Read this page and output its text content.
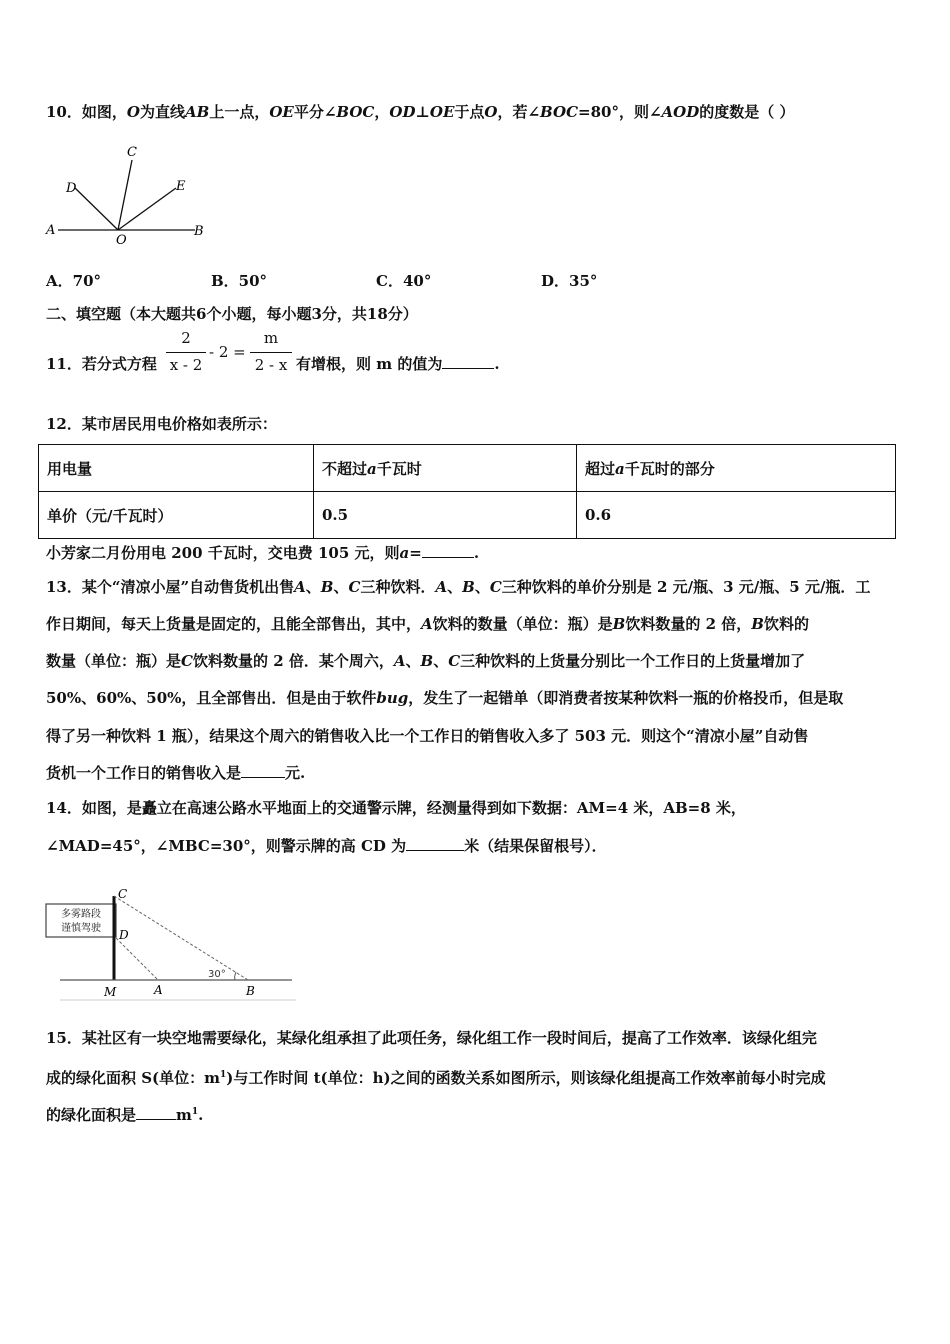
10．如图，O为直线AB上一点，OE平分∠BOC，OD⊥OE于点O，若∠BOC=80°，则∠AOD的度数是（ ）
A	B
C
D	E
O
A．70°	B．50°	C．40°	D．35°
二、填空题（本大题共6个小题，每小题3分，共18分）
11．若分式方程
2
x - 2
- 2 =
m
2 - x 有增根，则 m 的值为	.
12．某市居民用电价格如表所示：
用电量	不超过a千瓦时	超过a千瓦时的部分
单价（元/千瓦时）	0.5	0.6
小芳家二月份用电 200 千瓦时，交电费 105 元，则a=	.
13．某个“清凉小屋”自动售货机出售A、B、C三种饮料．A、B、C三种饮料的单价分别是 2 元/瓶、3 元/瓶、5 元/瓶．工
作日期间，每天上货量是固定的，且能全部售出，其中，A饮料的数量（单位：瓶）是B饮料数量的 2 倍，B饮料的
数量（单位：瓶）是C饮料数量的 2 倍．某个周六，A、B、C三种饮料的上货量分别比一个工作日的上货量增加了
50%、60%、50%，且全部售出．但是由于软件bug，发生了一起错单（即消费者按某种饮料一瓶的价格投币，但是取
得了另一种饮料 1 瓶），结果这个周六的销售收入比一个工作日的销售收入多了 503 元．则这个“清凉小屋”自动售
货机一个工作日的销售收入是	元.
14．如图，是矗立在高速公路水平地面上的交通警示牌，经测量得到如下数据：AM=4 米，AB=8 米，
∠MAD=45°，∠MBC=30°，则警示牌的高 CD 为	米（结果保留根号）．
多雾路段
谨慎驾驶
C
D
M	A	B
30°
15．某社区有一块空地需要绿化，某绿化组承担了此项任务，绿化组工作一段时间后，提高了工作效率．该绿化组完
成的绿化面积 S(单位：$m^1$)与工作时间 t(单位：h)之间的函数关系如图所示，则该绿化组提高工作效率前每小时完成
的绿化面积是	$m^1$.
